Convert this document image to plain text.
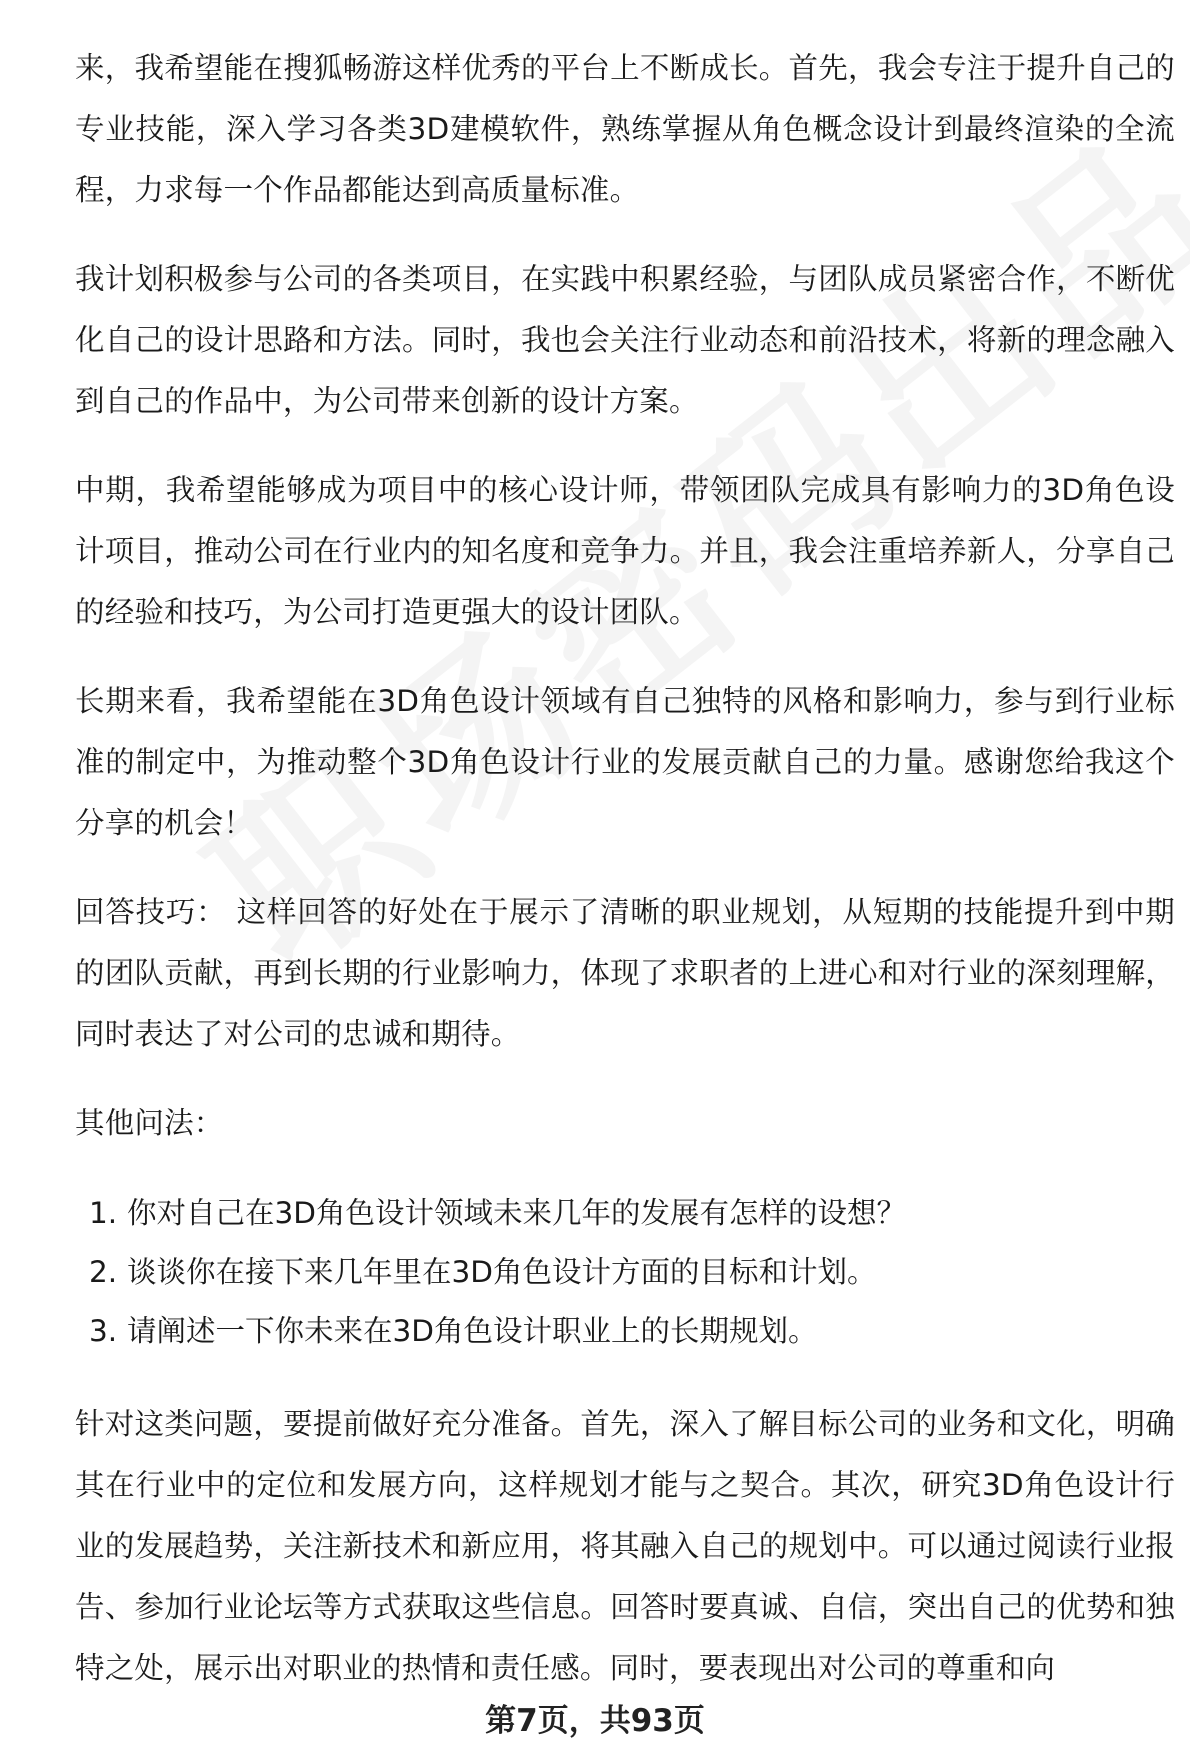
来，我希望能在搜狐畅游这样优秀的平台上不断成长。首先，我会专注于提升自己的专业技能，深入学习各类3D建模软件，熟练掌握从角色概念设计到最终渲染的全流程，力求每一个作品都能达到高质量标准。

我计划积极参与公司的各类项目，在实践中积累经验，与团队成员紧密合作，不断优化自己的设计思路和方法。同时，我也会关注行业动态和前沿技术，将新的理念融入到自己的作品中，为公司带来创新的设计方案。

中期，我希望能够成为项目中的核心设计师，带领团队完成具有影响力的3D角色设计项目，推动公司在行业内的知名度和竞争力。并且，我会注重培养新人，分享自己的经验和技巧，为公司打造更强大的设计团队。

长期来看，我希望能在3D角色设计领域有自己独特的风格和影响力，参与到行业标准的制定中，为推动整个3D角色设计行业的发展贡献自己的力量。感谢您给我这个分享的机会！

回答技巧： 这样回答的好处在于展示了清晰的职业规划，从短期的技能提升到中期的团队贡献，再到长期的行业影响力，体现了求职者的上进心和对行业的深刻理解，同时表达了对公司的忠诚和期待。

其他问法：

1. 你对自己在3D角色设计领域未来几年的发展有怎样的设想？
2. 谈谈你在接下来几年里在3D角色设计方面的目标和计划。
3. 请阐述一下你未来在3D角色设计职业上的长期规划。

针对这类问题，要提前做好充分准备。首先，深入了解目标公司的业务和文化，明确其在行业中的定位和发展方向，这样规划才能与之契合。其次，研究3D角色设计行业的发展趋势，关注新技术和新应用，将其融入自己的规划中。可以通过阅读行业报告、参加行业论坛等方式获取这些信息。回答时要真诚、自信，突出自己的优势和独特之处，展示出对职业的热情和责任感。同时，要表现出对公司的尊重和向

第7页，共93页
